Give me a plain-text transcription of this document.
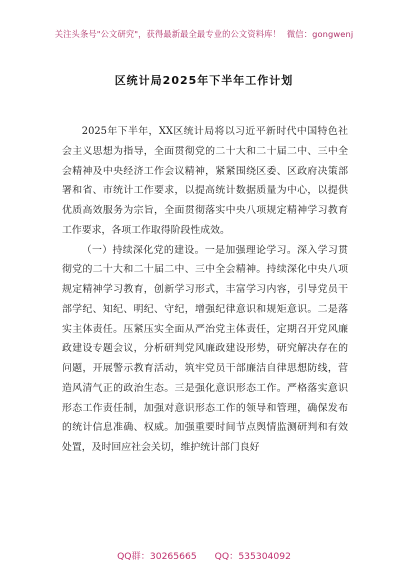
关注头条号"公文研究"，获得最新最全最专业的公文资料库！ 微信：gongwenj
区统计局2025年下半年工作计划

2025年下半年，XX区统计局将以习近平新时代中国特色社会主义思想为指导，全面贯彻党的二十大和二十届二中、三中全会精神及中央经济工作会议精神，紧紧围绕区委、区政府决策部署和省、市统计工作要求，以提高统计数据质量为中心，以提供优质高效服务为宗旨，全面贯彻落实中央八项规定精神学习教育工作要求，各项工作取得阶段性成效。

（一）持续深化党的建设。一是加强理论学习。深入学习贯彻党的二十大和二十届二中、三中全会精神。持续深化中央八项规定精神学习教育，创新学习形式，丰富学习内容，引导党员干部学纪、知纪、明纪、守纪，增强纪律意识和规矩意识。二是落实主体责任。压紧压实全面从严治党主体责任，定期召开党风廉政建设专题会议，分析研判党风廉政建设形势，研究解决存在的问题，开展警示教育活动，筑牢党员干部廉洁自律思想防线，营造风清气正的政治生态。三是强化意识形态工作。严格落实意识形态工作责任制，加强对意识形态工作的领导和管理，确保发布的统计信息准确、权威。加强重要时间节点舆情监测研判和有效处置，及时回应社会关切，维护统计部门良好

QQ群：30265665 QQ：535304092
